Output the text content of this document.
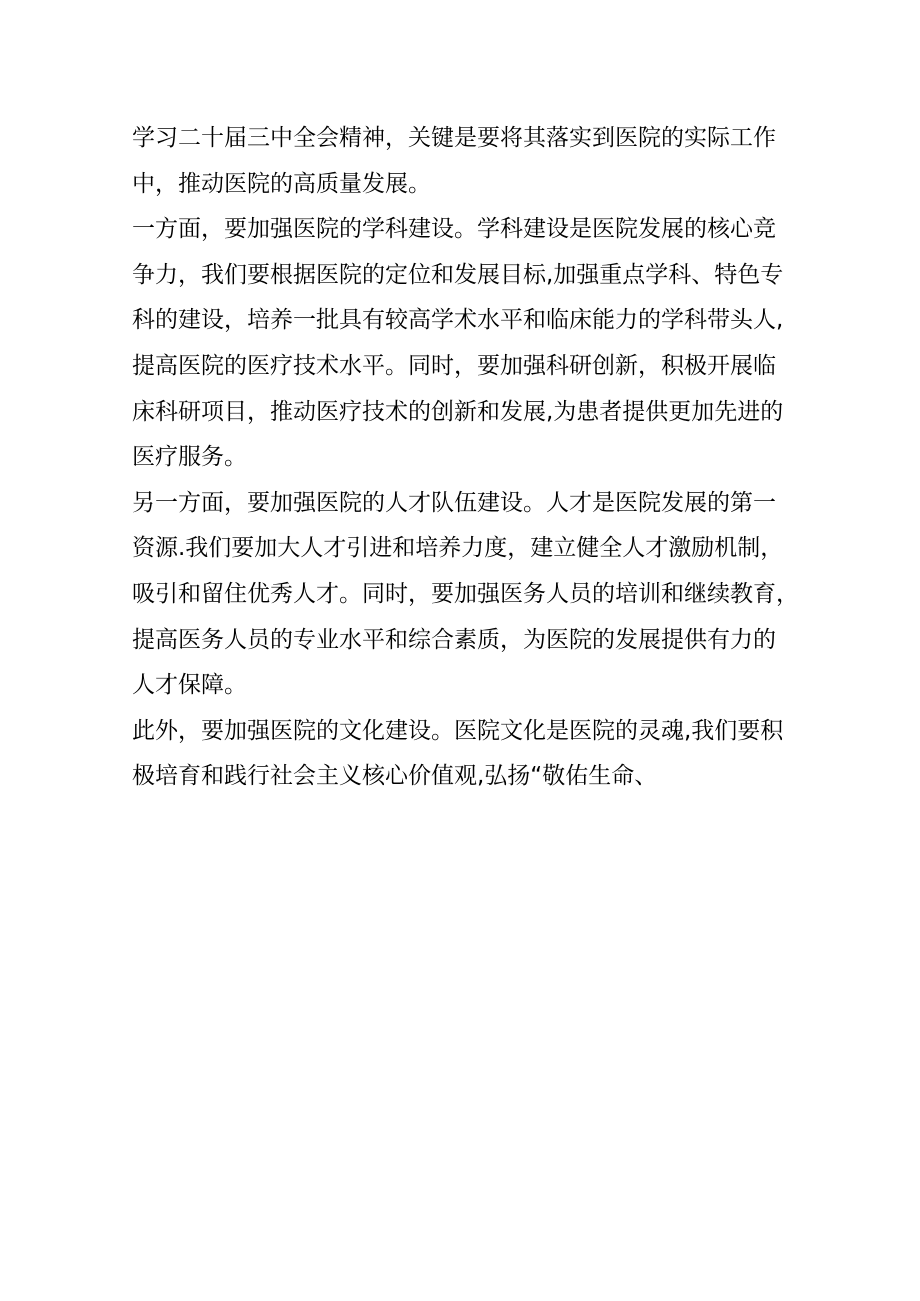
学习二十届三中全会精神，关键是要将其落实到医院的实际工作
中，推动医院的高质量发展。
一方面，要加强医院的学科建设。学科建设是医院发展的核心竞
争力，我们要根据医院的定位和发展目标,加强重点学科、特色专
科的建设，培养一批具有较高学术水平和临床能力的学科带头人,
提高医院的医疗技术水平。同时，要加强科研创新，积极开展临
床科研项目，推动医疗技术的创新和发展,为患者提供更加先进的
医疗服务。
另一方面，要加强医院的人才队伍建设。人才是医院发展的第一
资源.我们要加大人才引进和培养力度，建立健全人才激励机制，
吸引和留住优秀人才。同时，要加强医务人员的培训和继续教育，
提高医务人员的专业水平和综合素质，为医院的发展提供有力的
人才保障。
此外，要加强医院的文化建设。医院文化是医院的灵魂,我们要积
极培育和践行社会主义核心价值观,弘扬“敬佑生命、
